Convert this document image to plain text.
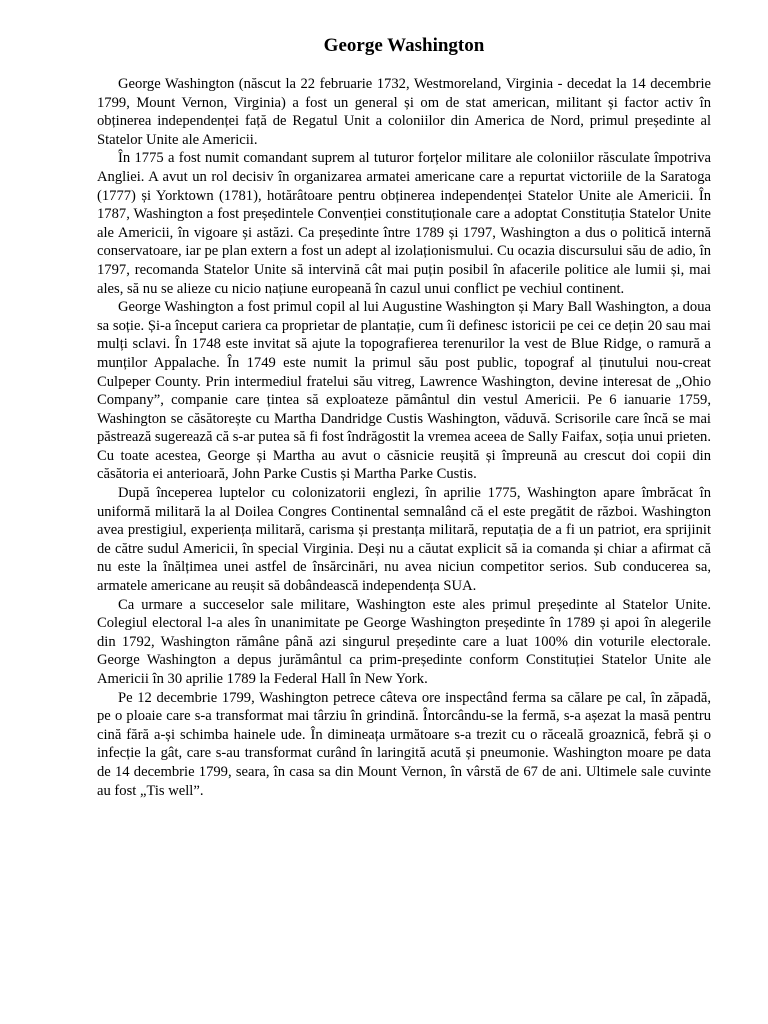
George Washington

George Washington (născut la 22 februarie 1732, Westmoreland, Virginia - decedat la 14 decembrie 1799, Mount Vernon, Virginia) a fost un general și om de stat american, militant și factor activ în obținerea independenței față de Regatul Unit a coloniilor din America de Nord, primul președinte al Statelor Unite ale Americii.

În 1775 a fost numit comandant suprem al tuturor forțelor militare ale coloniilor răsculate împotriva Angliei. A avut un rol decisiv în organizarea armatei americane care a repurtat victoriile de la Saratoga (1777) și Yorktown (1781), hotărâtoare pentru obținerea independenței Statelor Unite ale Americii. În 1787, Washington a fost președintele Convenției constituționale care a adoptat Constituția Statelor Unite ale Americii, în vigoare și astăzi. Ca președinte între 1789 și 1797, Washington a dus o politică internă conservatoare, iar pe plan extern a fost un adept al izolaționismului. Cu ocazia discursului său de adio, în 1797, recomanda Statelor Unite să intervină cât mai puțin posibil în afacerile politice ale lumii și, mai ales, să nu se alieze cu nicio națiune europeană în cazul unui conflict pe vechiul continent.

George Washington a fost primul copil al lui Augustine Washington și Mary Ball Washington, a doua sa soție. Și-a început cariera ca proprietar de plantație, cum îi definesc istoricii pe cei ce dețin 20 sau mai mulți sclavi. În 1748 este invitat să ajute la topografierea terenurilor la vest de Blue Ridge, o ramură a munților Appalache. În 1749 este numit la primul său post public, topograf al ținutului nou-creat Culpeper County. Prin intermediul fratelui său vitreg, Lawrence Washington, devine interesat de „Ohio Company”, companie care țintea să exploateze pământul din vestul Americii. Pe 6 ianuarie 1759, Washington se căsătorește cu Martha Dandridge Custis Washington, văduvă. Scrisorile care încă se mai păstrează sugerează că s-ar putea să fi fost îndrăgostit la vremea aceea de Sally Faifax, soția unui prieten. Cu toate acestea, George și Martha au avut o căsnicie reușită și împreună au crescut doi copii din căsătoria ei anterioară, John Parke Custis și Martha Parke Custis.

După începerea luptelor cu colonizatorii englezi, în aprilie 1775, Washington apare îmbrăcat în uniformă militară la al Doilea Congres Continental semnalând că el este pregătit de război. Washington avea prestigiul, experiența militară, carisma și prestanța militară, reputația de a fi un patriot, era sprijinit de către sudul Americii, în special Virginia. Deși nu a căutat explicit să ia comanda și chiar a afirmat că nu este la înălțimea unei astfel de însărcinări, nu avea niciun competitor serios. Sub conducerea sa, armatele americane au reușit să dobândească independența SUA.

Ca urmare a succeselor sale militare, Washington este ales primul președinte al Statelor Unite. Colegiul electoral l-a ales în unanimitate pe George Washington președinte în 1789 și apoi în alegerile din 1792, Washington rămâne până azi singurul președinte care a luat 100% din voturile electorale. George Washington a depus jurământul ca prim-președinte conform Constituției Statelor Unite ale Americii în 30 aprilie 1789 la Federal Hall în New York.

Pe 12 decembrie 1799, Washington petrece câteva ore inspectând ferma sa călare pe cal, în zăpadă, pe o ploaie care s-a transformat mai târziu în grindină. Întorcându-se la fermă, s-a așezat la masă pentru cină fără a-și schimba hainele ude. În dimineața următoare s-a trezit cu o răceală groaznică, febră și o infecție la gât, care s-au transformat curând în laringită acută și pneumonie. Washington moare pe data de 14 decembrie 1799, seara, în casa sa din Mount Vernon, în vârstă de 67 de ani. Ultimele sale cuvinte au fost „Tis well”.
